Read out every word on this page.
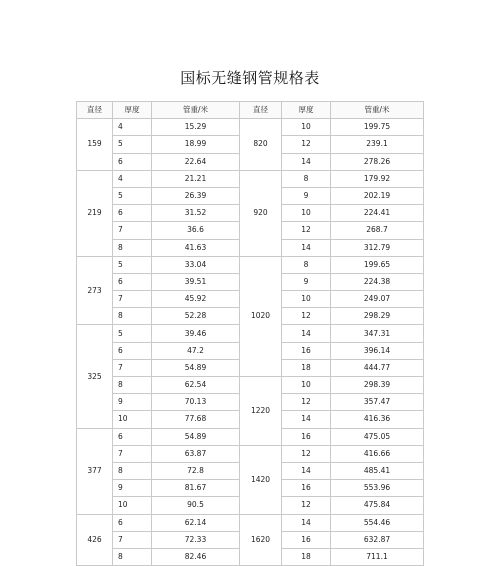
国标无缝钢管规格表
直径	厚度	管重/米	直径	厚度	管重/米
159	4	15.29	820	10	199.75
	5	18.99		12	239.1
	6	22.64		14	278.26
219	4	21.21	920	8	179.92
	5	26.39		9	202.19
	6	31.52		10	224.41
	7	36.6		12	268.7
	8	41.63		14	312.79
273	5	33.04	1020	8	199.65
	6	39.51		9	224.38
	7	45.92		10	249.07
	8	52.28		12	298.29
325	5	39.46		14	347.31
	6	47.2		16	396.14
	7	54.89		18	444.77
	8	62.54	1220	10	298.39
	9	70.13		12	357.47
	10	77.68		14	416.36
377	6	54.89		16	475.05
	7	63.87	1420	12	416.66
	8	72.8		14	485.41
	9	81.67		16	553.96
	10	90.5		12	475.84
426	6	62.14	1620	14	554.46
	7	72.33		16	632.87
	8	82.46		18	711.1
